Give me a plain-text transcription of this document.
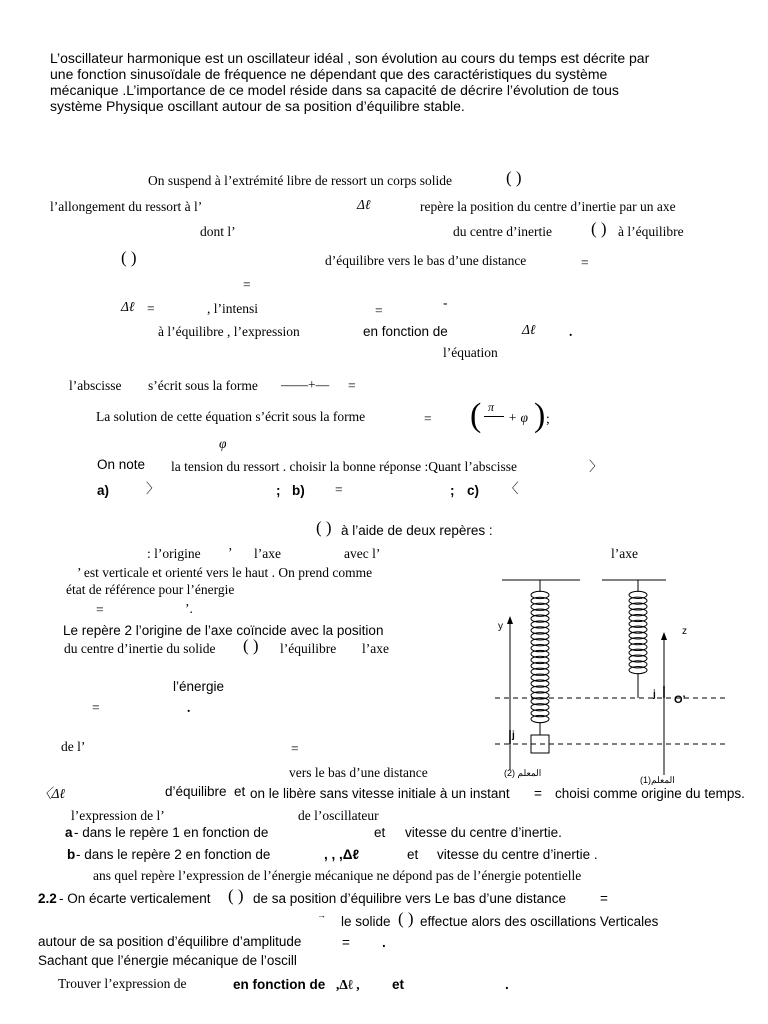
L’oscillateur harmonique est un oscillateur idéal , son évolution au cours du temps est décrite par
une fonction sinusoïdale de fréquence ne dépendant que des caractéristiques du système
mécanique .L’importance de ce model réside dans sa capacité de décrire l’évolution de tous
système Physique oscillant autour de sa position d’équilibre stable.
On suspend à l’extrémité libre de ressort un corps solide	( )
l’allongement du ressort à l’	Δℓ	repère la position du centre d’inertie par un axe
dont l’	du centre d’inertie ( ) à l’équilibre
( )	d’équilibre vers le bas d’une distance	=
=
Δℓ =	, l’intensi	=
-
à l’équilibre , l’expression	en fonction de	Δℓ .
l’équation
l’abscisse s’écrit sous la forme ——+— =
La solution de cette équation s’écrit sous la forme	= ( π
+ φ ) ;
φ
On note la tension du ressort . choisir la bonne réponse :Quant l’abscisse	〉
a)	〉	; b) =	; c) 〈
( ) à l’aide de deux repères :
: l’origine ’ l’axe	avec l’	l’axe
’ est verticale et orienté vers le haut . On prend comme
état de référence pour l’énergie
=	’.
Le repère 2 l’origine de l’axe coïncide avec la position
du centre d’inertie du solide ( ) l’équilibre l’axe
l’énergie
=	.
de l’	=
vers le bas d’une distance
〈Δℓ	d’équilibre et on le libère sans vitesse initiale à un instant = choisi comme origine du temps.
l’expression de l’	de l’oscillateur
a - dans le repère 1 en fonction de	et vitesse du centre d’inertie.
b - dans le repère 2 en fonction de	, , ,Δℓ	et vitesse du centre d’inertie .
ans quel repère l’expression de l’énergie mécanique ne dépond pas de l’énergie potentielle
2.2 - On écarte verticalement ( ) de sa position d’équilibre vers Le bas d’une distance	=
→ le solide ( ) effectue alors des oscillations Verticales
autour de sa position d’équilibre d’amplitude	= .
Sachant que l’énergie mécanique de l’oscill
Trouver l’expression de	en fonction de ,Δℓ , et	.
y
j
z
j O’
المعلم (2)
المعلم(1)
